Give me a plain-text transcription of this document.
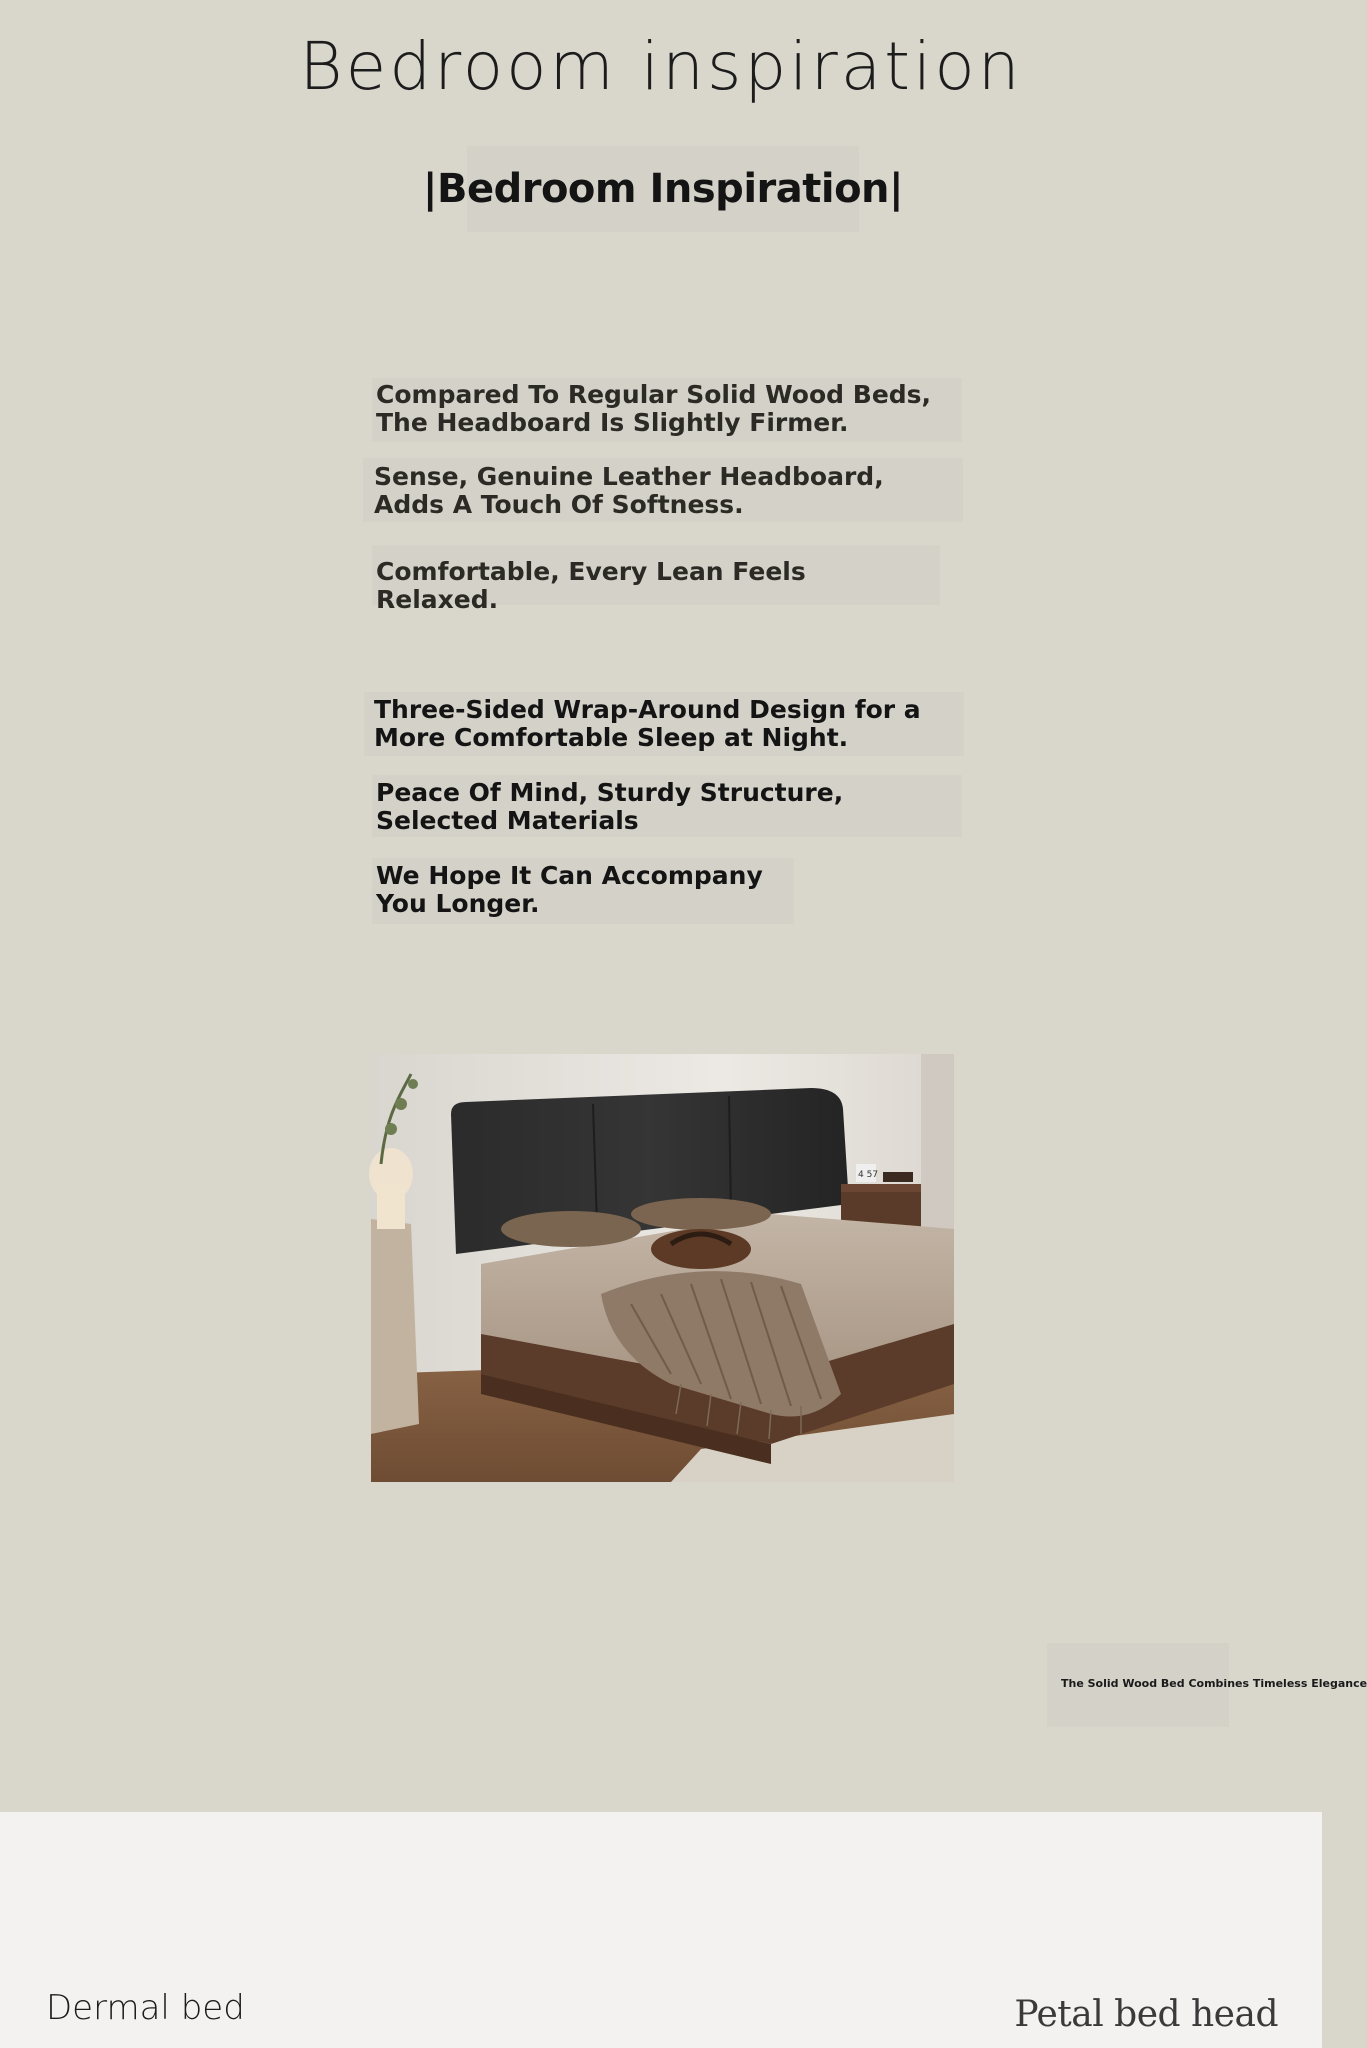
Bedroom inspiration
|Bedroom Inspiration|
Compared To Regular Solid Wood Beds, The Headboard Is Slightly Firmer.
Sense, Genuine Leather Headboard, Adds A Touch Of Softness.
Comfortable, Every Lean Feels Relaxed.
Three-Sided Wrap-Around Design for a More Comfortable Sleep at Night.
Peace Of Mind, Sturdy Structure, Selected Materials
We Hope It Can Accompany You Longer.
4 57
The Solid Wood Bed Combines Timeless Elegance
Dermal bed	Petal bed head
